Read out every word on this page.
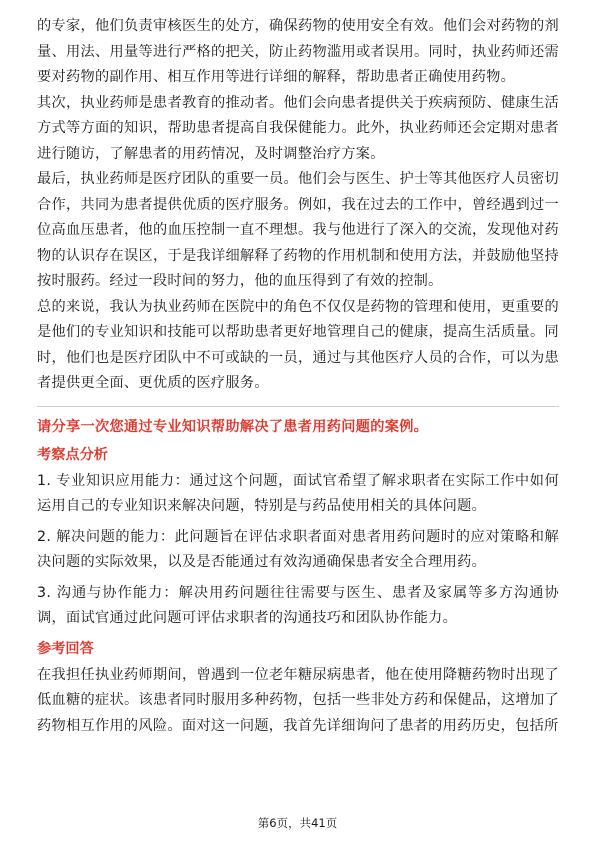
的专家，他们负责审核医生的处方，确保药物的使用安全有效。他们会对药物的剂量、用法、用量等进行严格的把关，防止药物滥用或者误用。同时，执业药师还需要对药物的副作用、相互作用等进行详细的解释，帮助患者正确使用药物。

其次，执业药师是患者教育的推动者。他们会向患者提供关于疾病预防、健康生活方式等方面的知识，帮助患者提高自我保健能力。此外，执业药师还会定期对患者进行随访，了解患者的用药情况，及时调整治疗方案。

最后，执业药师是医疗团队的重要一员。他们会与医生、护士等其他医疗人员密切合作，共同为患者提供优质的医疗服务。例如，我在过去的工作中，曾经遇到过一位高血压患者，他的血压控制一直不理想。我与他进行了深入的交流，发现他对药物的认识存在误区，于是我详细解释了药物的作用机制和使用方法，并鼓励他坚持按时服药。经过一段时间的努力，他的血压得到了有效的控制。

总的来说，我认为执业药师在医院中的角色不仅仅是药物的管理和使用，更重要的是他们的专业知识和技能可以帮助患者更好地管理自己的健康，提高生活质量。同时，他们也是医疗团队中不可或缺的一员，通过与其他医疗人员的合作，可以为患者提供更全面、更优质的医疗服务。

请分享一次您通过专业知识帮助解决了患者用药问题的案例。

考察点分析

1. 专业知识应用能力：通过这个问题，面试官希望了解求职者在实际工作中如何运用自己的专业知识来解决问题，特别是与药品使用相关的具体问题。

2. 解决问题的能力：此问题旨在评估求职者面对患者用药问题时的应对策略和解决问题的实际效果，以及是否能通过有效沟通确保患者安全合理用药。

3. 沟通与协作能力：解决用药问题往往需要与医生、患者及家属等多方沟通协调，面试官通过此问题可评估求职者的沟通技巧和团队协作能力。

参考回答

在我担任执业药师期间，曾遇到一位老年糖尿病患者，他在使用降糖药物时出现了低血糖的症状。该患者同时服用多种药物，包括一些非处方药和保健品，这增加了药物相互作用的风险。面对这一问题，我首先详细询问了患者的用药历史，包括所

第6页，共41页
